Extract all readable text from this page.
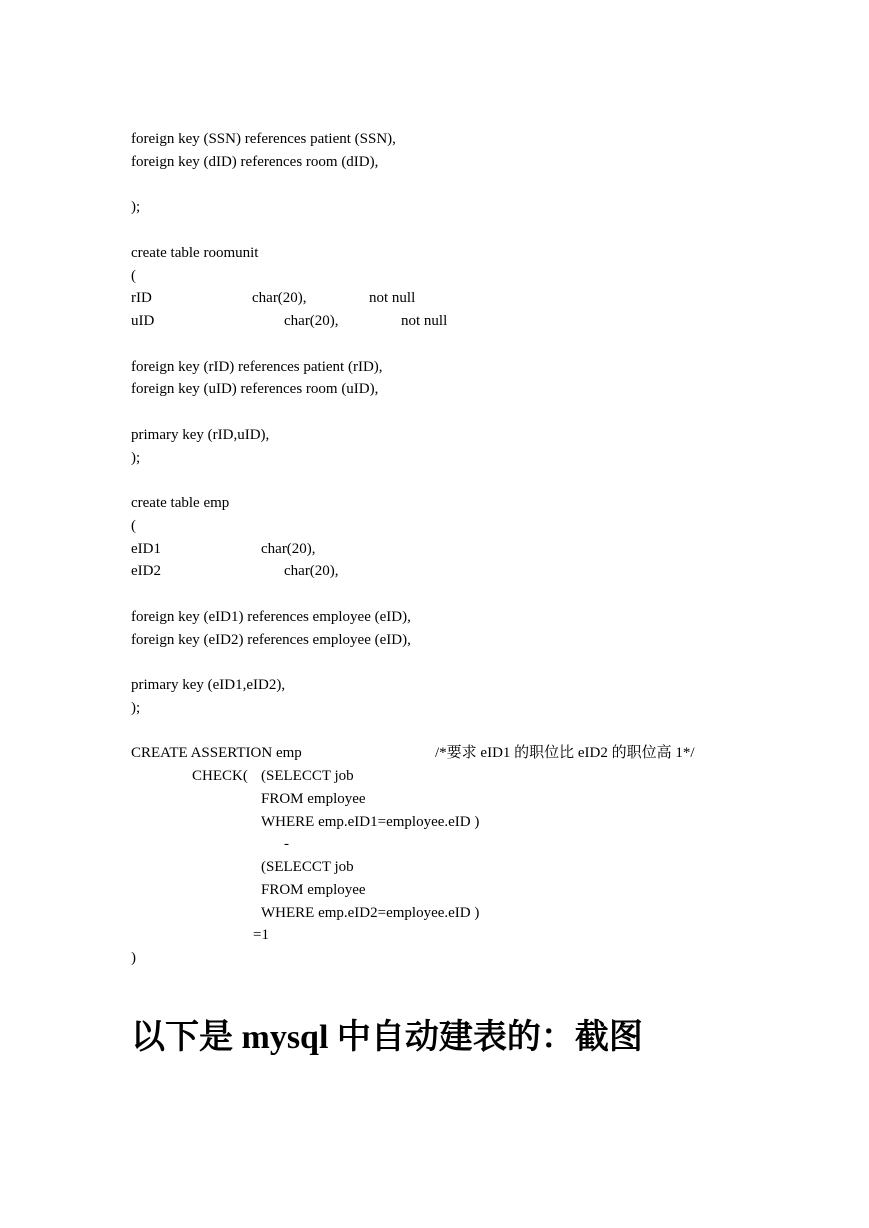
foreign key (SSN) references patient (SSN),
foreign key (dID) references room (dID),
);
create table roomunit
(
rID	char(20),	not null
uID	char(20),	not null
foreign key (rID) references patient (rID),
foreign key (uID) references room (uID),
primary key (rID,uID),
);
create table emp
(
eID1	char(20),
eID2	char(20),
foreign key (eID1) references employee (eID),
foreign key (eID2) references employee (eID),
primary key (eID1,eID2),
);
CREATE ASSERTION emp	/*要求 eID1 的职位比 eID2 的职位高 1*/
CHECK( (SELECCT job
FROM employee
WHERE emp.eID1=employee.eID )
-
(SELECCT job
FROM employee
WHERE emp.eID2=employee.eID )
=1
)
以下是 mysql 中自动建表的：截图
